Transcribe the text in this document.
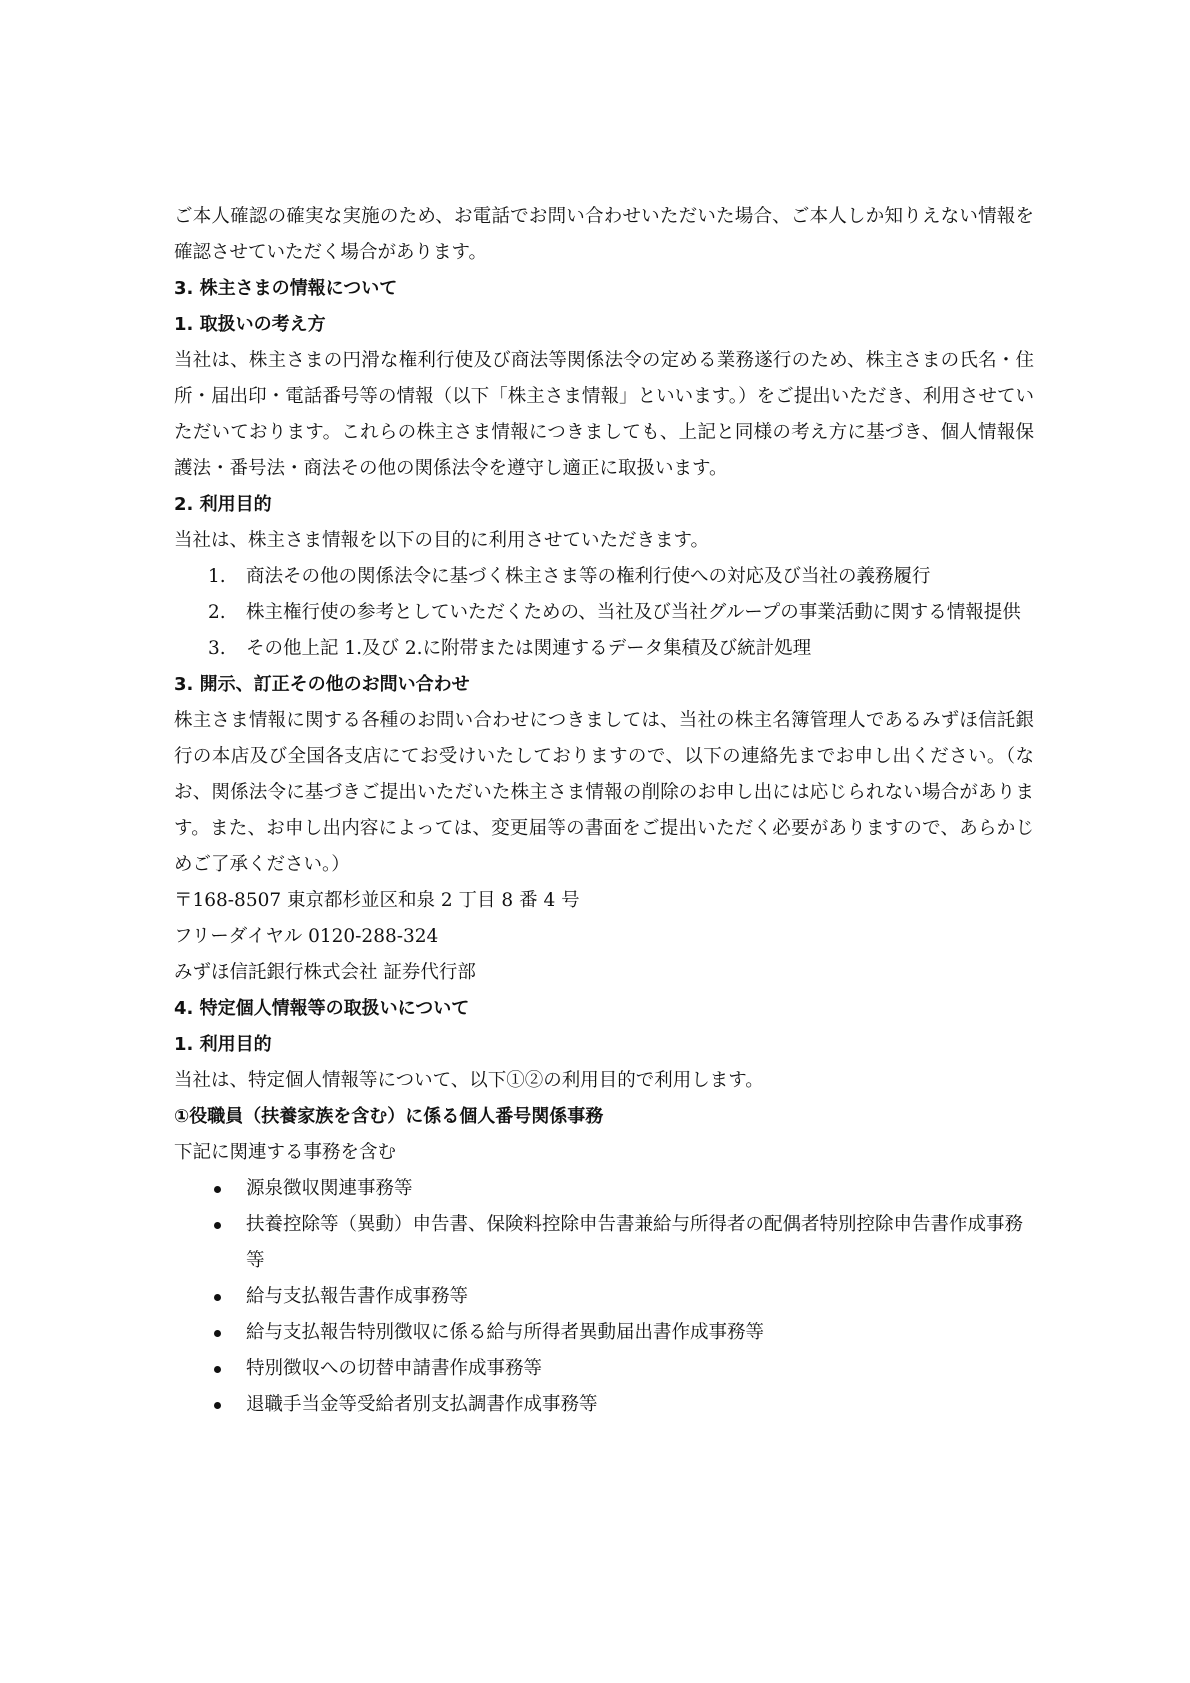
ご本人確認の確実な実施のため、お電話でお問い合わせいただいた場合、ご本人しか知りえない情報を確認させていただく場合があります。

3. 株主さまの情報について

1. 取扱いの考え方

当社は、株主さまの円滑な権利行使及び商法等関係法令の定める業務遂行のため、株主さまの氏名・住所・届出印・電話番号等の情報（以下「株主さま情報」といいます。）をご提出いただき、利用させていただいております。これらの株主さま情報につきましても、上記と同様の考え方に基づき、個人情報保護法・番号法・商法その他の関係法令を遵守し適正に取扱います。

2. 利用目的

当社は、株主さま情報を以下の目的に利用させていただきます。

1. 商法その他の関係法令に基づく株主さま等の権利行使への対応及び当社の義務履行
2. 株主権行使の参考としていただくための、当社及び当社グループの事業活動に関する情報提供
3. その他上記 1.及び 2.に附帯または関連するデータ集積及び統計処理

3. 開示、訂正その他のお問い合わせ

株主さま情報に関する各種のお問い合わせにつきましては、当社の株主名簿管理人であるみずほ信託銀行の本店及び全国各支店にてお受けいたしておりますので、以下の連絡先までお申し出ください。（なお、関係法令に基づきご提出いただいた株主さま情報の削除のお申し出には応じられない場合があります。また、お申し出内容によっては、変更届等の書面をご提出いただく必要がありますので、あらかじめご了承ください。）

〒168-8507 東京都杉並区和泉 2 丁目 8 番 4 号

フリーダイヤル 0120-288-324

みずほ信託銀行株式会社 証券代行部

4. 特定個人情報等の取扱いについて

1. 利用目的

当社は、特定個人情報等について、以下①②の利用目的で利用します。

①役職員（扶養家族を含む）に係る個人番号関係事務

下記に関連する事務を含む

源泉徴収関連事務等
扶養控除等（異動）申告書、保険料控除申告書兼給与所得者の配偶者特別控除申告書作成事務等
給与支払報告書作成事務等
給与支払報告特別徴収に係る給与所得者異動届出書作成事務等
特別徴収への切替申請書作成事務等
退職手当金等受給者別支払調書作成事務等
